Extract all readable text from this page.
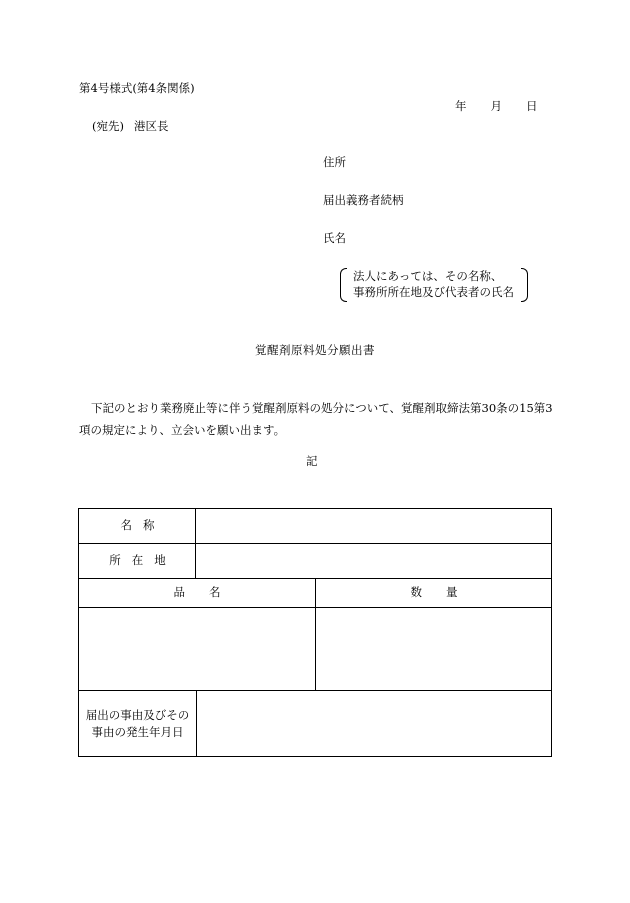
第4号様式(第4条関係)
年 月 日
(宛先) 港区長
住所
届出義務者続柄
氏名
法人にあっては、その名称、
事務所所在地及び代表者の氏名
覚醒剤原料処分願出書
下記のとおり業務廃止等に伴う覚醒剤原料の処分について、覚醒剤取締法第30条の15第3項の規定により、立会いを願い出ます。
記
名称
所在地
品名	数量
届出の事由及びその
事由の発生年月日
